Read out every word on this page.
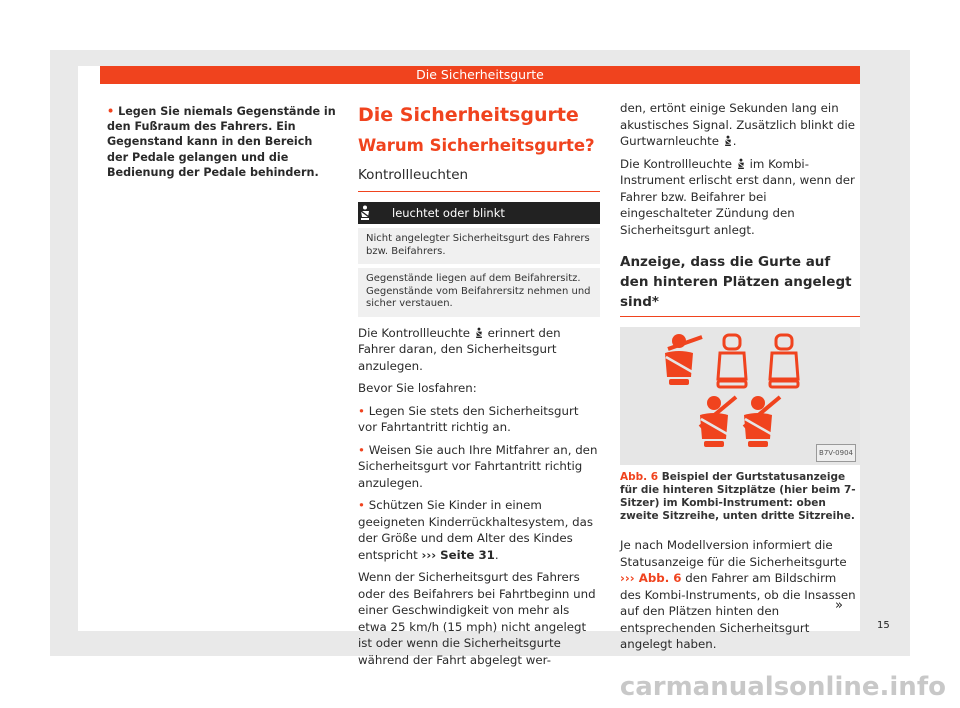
Die Sicherheitsgurte
• Legen Sie niemals Gegenstände in den Fußraum des Fahrers. Ein Gegenstand kann in den Bereich der Pedale gelangen und die Bedienung der Pedale behindern.
Die Sicherheitsgurte
Warum Sicherheitsgurte?
Kontrollleuchten
leuchtet oder blinkt
Nicht angelegter Sicherheitsgurt des Fahrers bzw. Beifahrers.
Gegenstände liegen auf dem Beifahrersitz. Gegenstände vom Beifahrersitz nehmen und sicher verstauen.

Die Kontrollleuchte erinnert den Fahrer daran, den Sicherheitsgurt anzulegen.

Bevor Sie losfahren:

• Legen Sie stets den Sicherheitsgurt vor Fahrtantritt richtig an.

• Weisen Sie auch Ihre Mitfahrer an, den Sicherheitsgurt vor Fahrtantritt richtig anzulegen.

• Schützen Sie Kinder in einem geeigneten Kinderrückhaltesystem, das der Größe und dem Alter des Kindes entspricht ››› Seite 31.

Wenn der Sicherheitsgurt des Fahrers oder des Beifahrers bei Fahrtbeginn und einer Geschwindigkeit von mehr als etwa 25 km/h (15 mph) nicht angelegt ist oder wenn die Sicherheitsgurte während der Fahrt abgelegt wer-

den, ertönt einige Sekunden lang ein akustisches Signal. Zusätzlich blinkt die Gurtwarnleuchte .

Die Kontrollleuchte im Kombi-Instrument erlischt erst dann, wenn der Fahrer bzw. Beifahrer bei eingeschalteter Zündung den Sicherheitsgurt anlegt.

Anzeige, dass die Gurte auf den hinteren Plätzen angelegt sind*
B7V-0904
Abb. 6 Beispiel der Gurtstatusanzeige für die hinteren Sitzplätze (hier beim 7-Sitzer) im Kombi-Instrument: oben zweite Sitzreihe, unten dritte Sitzreihe.

Je nach Modellversion informiert die Statusanzeige für die Sicherheitsgurte ››› Abb. 6 den Fahrer am Bildschirm des Kombi-Instruments, ob die Insassen auf den Plätzen hinten den entsprechenden Sicherheitsgurt angelegt haben.

»
15
carmanualsonline.info
